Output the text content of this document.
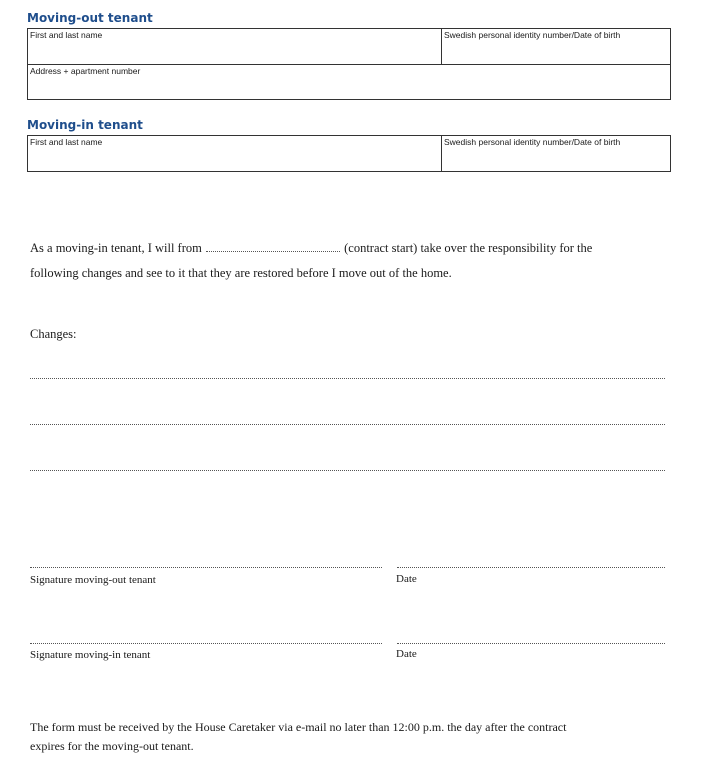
Moving-out tenant
First and last name	Swedish personal identity number/Date of birth
Address + apartment number
Moving-in tenant
First and last name	Swedish personal identity number/Date of birth

As a moving-in tenant, I will from	(contract start) take over the responsibility for the

following changes and see to it that they are restored before I move out of the home.

Changes:

Signature moving-out tenant	Date

Signature moving-in tenant	Date

The form must be received by the House Caretaker via e-mail no later than 12:00 p.m. the day after the contract

expires for the moving-out tenant.
